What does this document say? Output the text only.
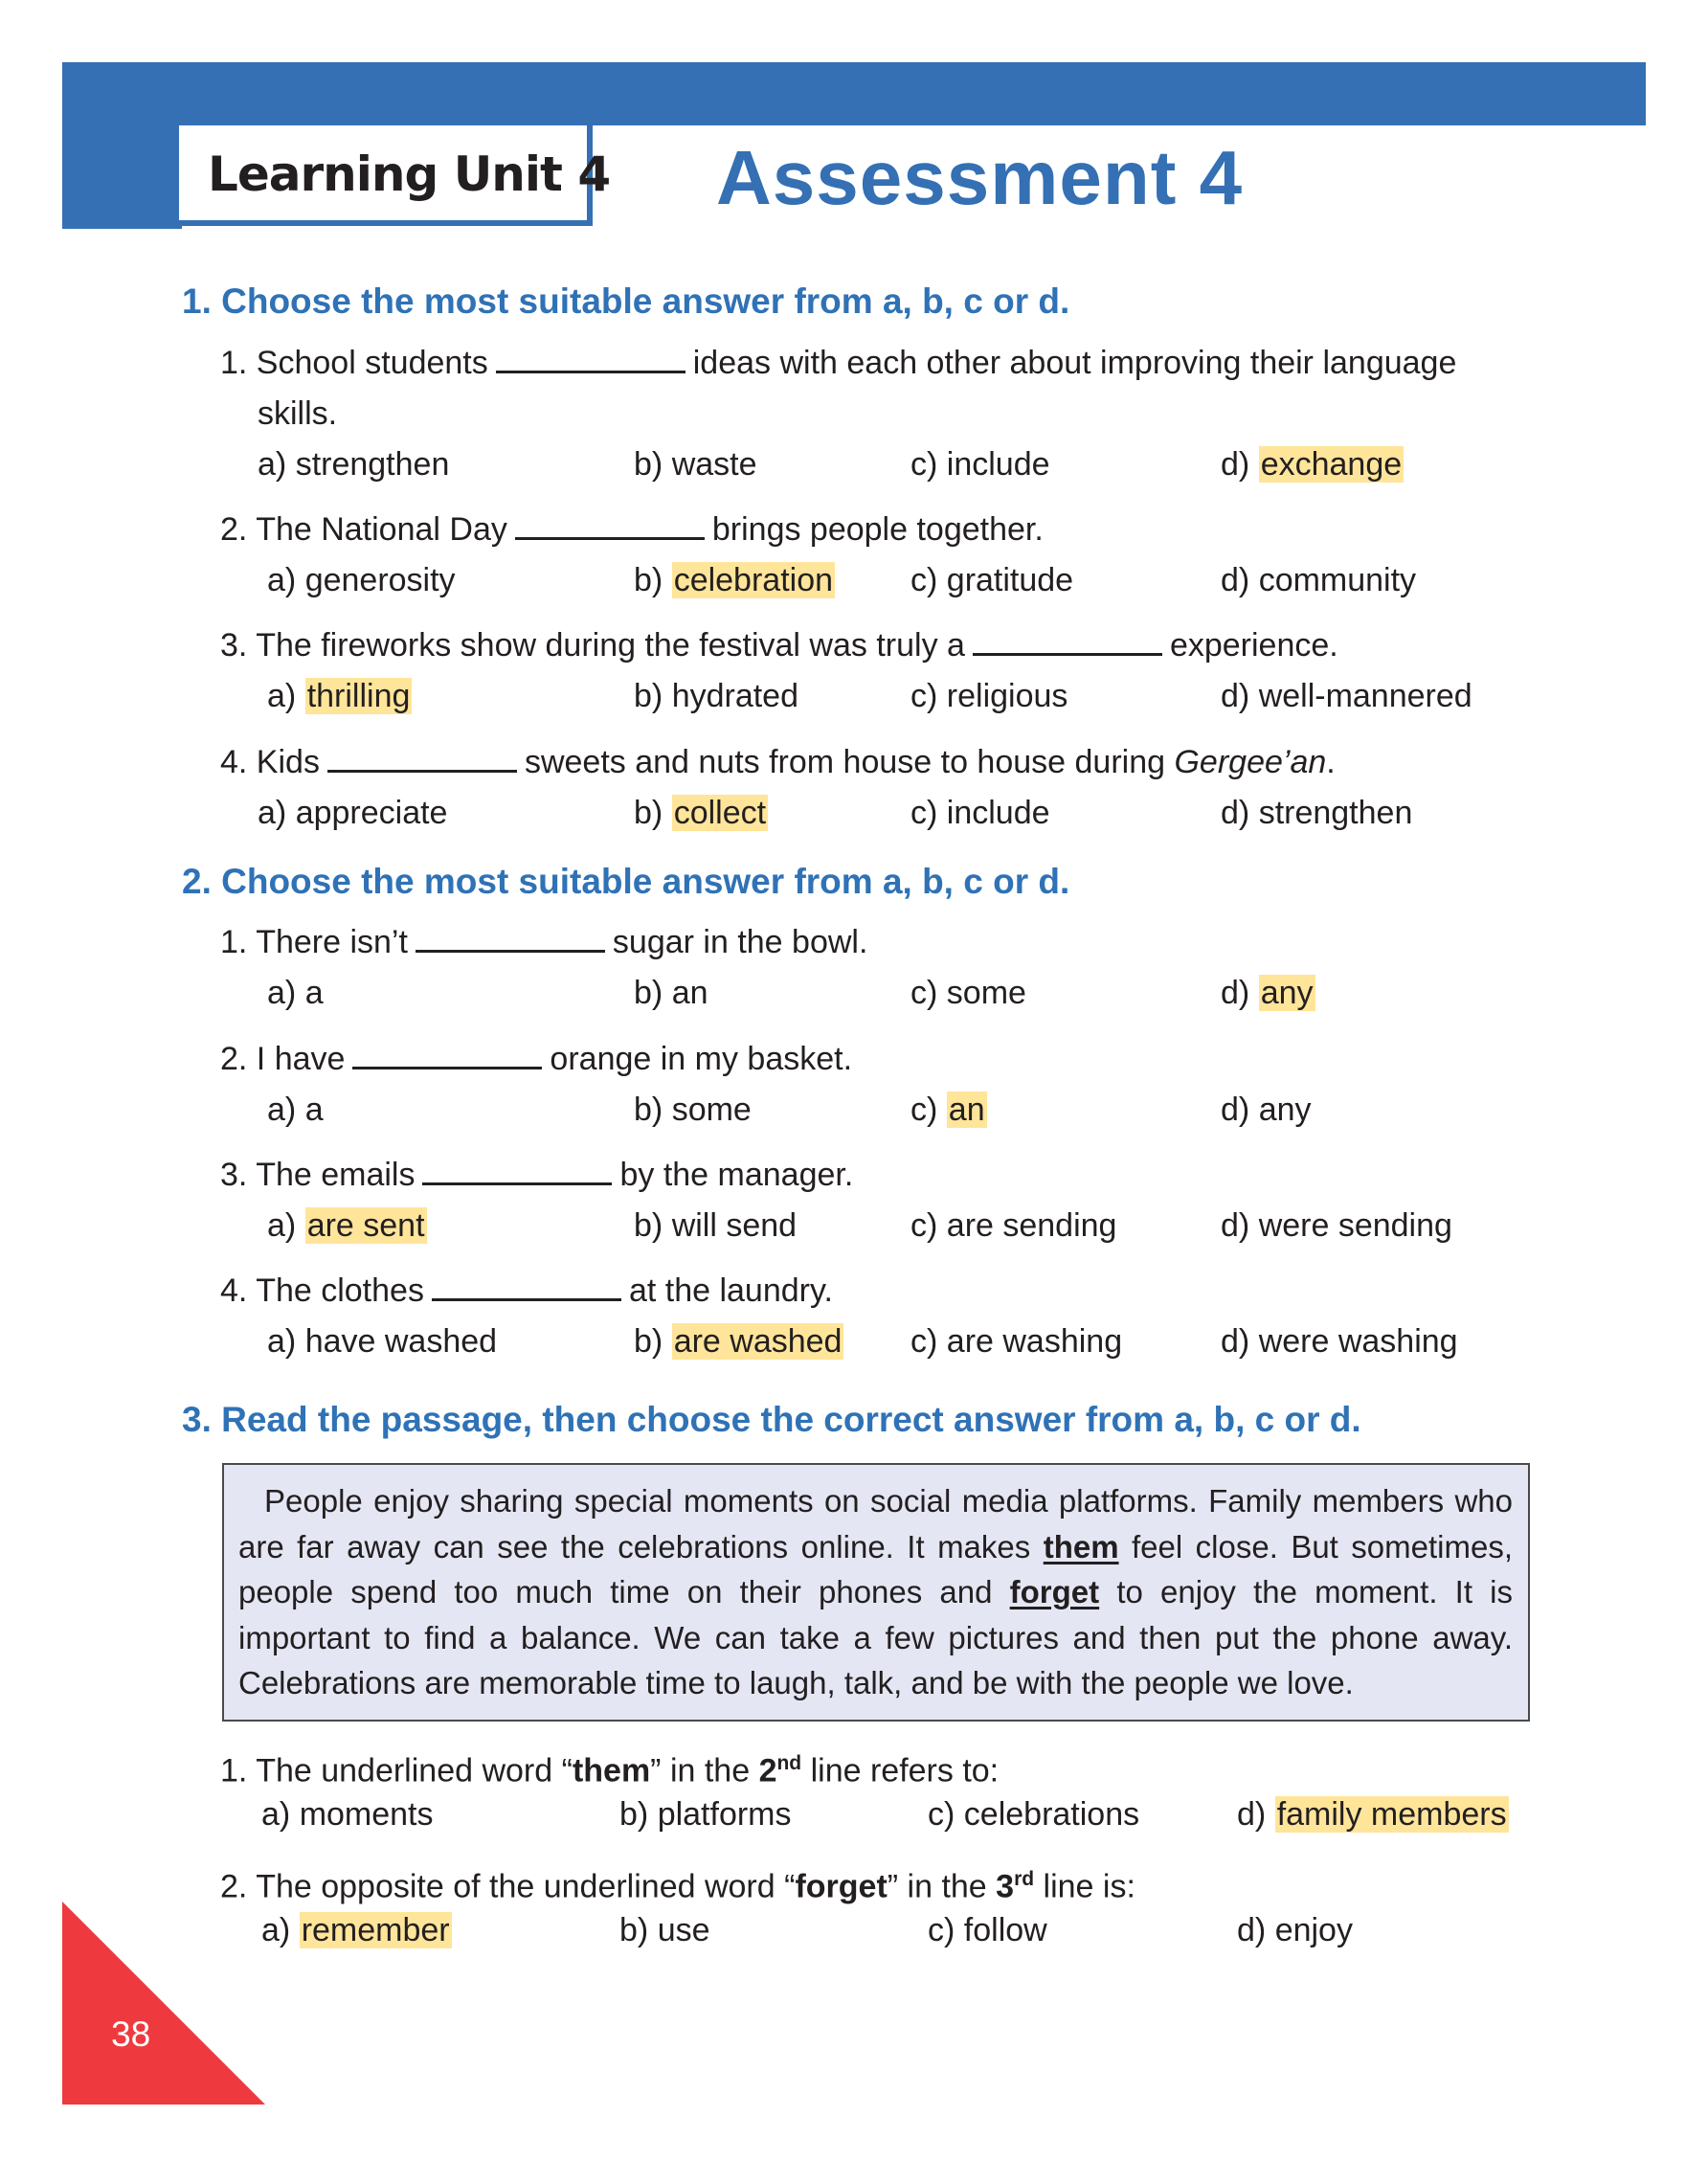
Learning Unit 4 Assessment 4
1. Choose the most suitable answer from a, b, c or d.
1. School students	ideas with each other about improving their language
skills.
a) strengthen	b) waste	c) include	d) exchange
2. The National Day	brings people together.
a) generosity	b) celebration c) gratitude	d) community
3. The fireworks show during the festival was truly a	experience.
a) thrilling	b) hydrated	c) religious	d) well-mannered
4. Kids	sweets and nuts from house to house during Gergee’an.
a) appreciate	b) collect	c) include	d) strengthen
2. Choose the most suitable answer from a, b, c or d.
1. There isn’t	sugar in the bowl.
a) a	b) an	c) some	d) any
2. I have	orange in my basket.
a) a	b) some	c) an	d) any
3. The emails	by the manager.
a) are sent	b) will send	c) are sending	d) were sending
4. The clothes	at the laundry.
a) have washed	b) are washed c) are washing	d) were washing
3. Read the passage, then choose the correct answer from a, b, c or d.

People enjoy sharing special moments on social media platforms. Family members who are far away can see the celebrations online. It makes them feel close. But sometimes, people spend too much time on their phones and forget to enjoy the moment. It is important to find a balance. We can take a few pictures and then put the phone away. Celebrations are memorable time to laugh, talk, and be with the people we love.

1. The underlined word “them” in the 2nd line refers to:
a) moments	b) platforms	c) celebrations	d) family members
2. The opposite of the underlined word “forget” in the 3rd line is:
a) remember	b) use	c) follow	d) enjoy
38
